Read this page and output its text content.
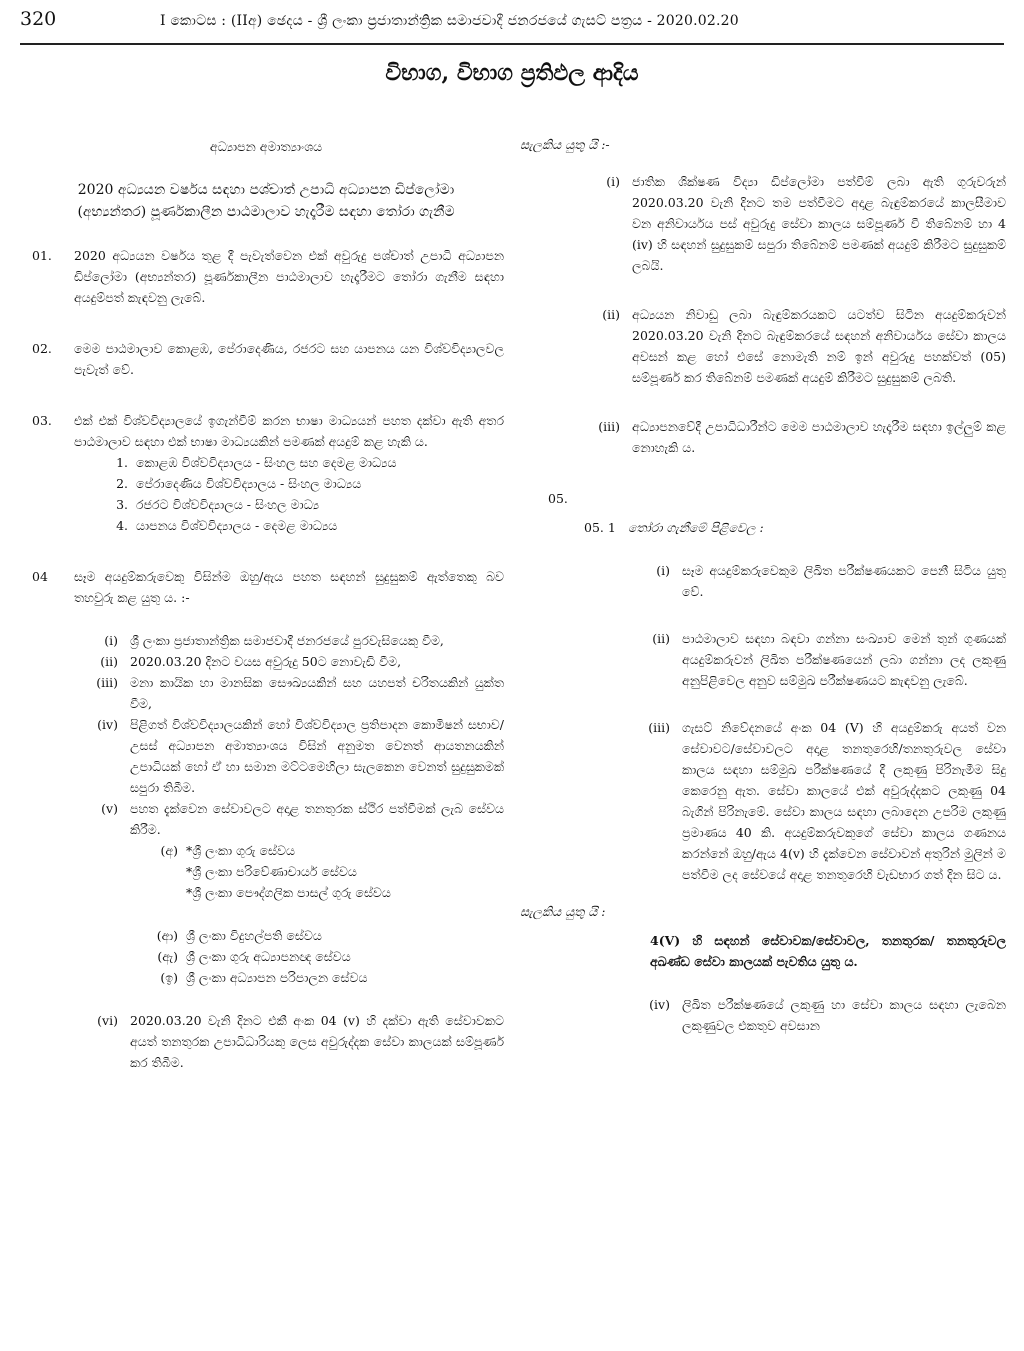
320	I කොටස : (IIඅ) ඡෙදය - ශ්‍රී ලංකා ප්‍රජාතාන්ත්‍රික සමාජවාදී ජනරජයේ ගැසට් පත්‍රය - 2020.02.20
විභාග, විභාග ප්‍රතිඵල ආදිය
අධ්‍යාපන අමාත්‍යාංශය
2020 අධ්‍යයන වර්ෂය සඳහා පශ්චාත් උපාධි අධ්‍යාපන ඩිප්ලෝමා (අභ්‍යන්තර) පූර්ණකාලීන පාඨමාලාව හැදෑරීම සඳහා තෝරා ගැනීම
01.	2020 අධ්‍යයන වර්ෂය තුළ දී පැවැත්වෙන එක් අවුරුදු පශ්චාත් උපාධි අධ්‍යාපන ඩිප්ලෝමා (අභ්‍යන්තර) පූර්ණකාලීන පාඨමාලාව හැදෑරීමට තෝරා ගැනීම සඳහා අයදුම්පත් කැඳවනු ලැබේ.
02.	මෙම පාඨමාලාව කොළඹ, පේරාදෙණිය, රජරට සහ යාපනය යන විශ්වවිද්‍යාලවල පැවැත් වේ.
03.	එක් එක් විශ්වවිද්‍යාලයේ ඉගැන්වීම් කරන භාෂා මාධ්‍යයන් පහත දක්වා ඇති අතර පාඨමාලාව සඳහා එක් භාෂා මාධ්‍යයකින් පමණක් අයදුම් කළ හැකි ය.
1. කොළඹ විශ්වවිද්‍යාලය - සිංහල සහ දෙමළ මාධ්‍යය
2. පේරාදෙණිය විශ්වවිද්‍යාලය - සිංහල මාධ්‍යය
3. රජරට විශ්වවිද්‍යාලය - සිංහල මාධ්‍ය
4. යාපනය විශ්වවිද්‍යාලය - දෙමළ මාධ්‍යය
04	සෑම අයදුම්කරුවෙකු විසින්ම ඔහු/ඇය පහත සඳහන් සුදුසුකම් ඇත්තෙකු බව තහවුරු කළ යුතු ය. :-
(i) ශ්‍රී ලංකා ප්‍රජාතාන්ත්‍රික සමාජවාදී ජනරජයේ පුරවැසියෙකු වීම,
(ii) 2020.03.20 දිනට වයස අවුරුදු 50ට නොවැඩි වීම,
(iii) මනා කායික හා මානසික සෞඛ්‍යයකින් සහ යහපත් චරිතයකින් යුක්ත වීම,
(iv) පිළිගත් විශ්වවිද්‍යාලයකින් හෝ විශ්වවිද්‍යාල ප්‍රතිපාදන කොමිෂන් සභාව/උසස් අධ්‍යාපන අමාත්‍යාංශය විසින් අනුමත වෙනත් ආයතනයකින් උපාධියක් හෝ ඒ හා සමාන මට්ටමෙහිලා සැලකෙන වෙනත් සුදුසුකමක් සපුරා තිබීම.
(v) පහත දැක්වෙන සේවාවලට අදාළ තනතුරක ස්ථිර පත්වීමක් ලැබ සේවය කිරීම.
(අ) *ශ්‍රී ලංකා ගුරු සේවය
*ශ්‍රී ලංකා පරිවේණාචාර්ය සේවය
*ශ්‍රී ලංකා පෞද්ගලික පාසල් ගුරු සේවය
(ආ) ශ්‍රී ලංකා විදුහල්පති සේවය
(ඇ) ශ්‍රී ලංකා ගුරු අධ්‍යාපනඥ සේවය
(ඉ) ශ්‍රී ලංකා අධ්‍යාපන පරිපාලන සේවය
(vi) 2020.03.20 වැනි දිනට එකී අංක 04 (v) හි දක්වා ඇති සේවාවකට අයත් තනතුරක උපාධිධාරියකු ලෙස අවුරුද්දක සේවා කාලයක් සම්පූර්ණ කර තිබීම.
සැලකිය යුතු යි :-
(i) ජාතික ශික්ෂණ විද්‍යා ඩිප්ලෝමා පත්වීම් ලබා ඇති ගුරුවරුන් 2020.03.20 වැනි දිනට තම පත්වීමට අදාළ බැඳුම්කරයේ කාලසීමාව වන අනිවාර්යය පස් අවුරුදු සේවා කාලය සම්පූර්ණ වී තිබේනම් හා 4 (iv) හි සඳහන් සුදුසුකම් සපුරා තිබේනම් පමණක් අයදුම් කිරීමට සුදුසුකම් ලබයි.
(ii) අධ්‍යයන නිවාඩු ලබා බැඳුම්කරයකට යටත්ව සිටින අයදුම්කරුවන් 2020.03.20 වැනි දිනට බැඳුම්කරයේ සඳහන් අනිවාර්යය සේවා කාලය අවසන් කළ හෝ එසේ නොමැති නම් ඉන් අවුරුදු පහක්වත් (05) සම්පූර්ණ කර තිබේනම් පමණක් අයදුම් කිරීමට සුදුසුකම් ලබති.
(iii) අධ්‍යාපනවේදී උපාධිධාරීන්ට මෙම පාඨමාලාව හැදෑරීම සඳහා ඉල්ලුම් කළ නොහැකි ය.
05.
05. 1 තෝරා ගැනීමේ පිළිවෙල :
(i) සෑම අයදුම්කරුවෙකුම ලිඛිත පරීක්ෂණයකට පෙනී සිටිය යුතු වේ.
(ii) පාඨමාලාව සඳහා බඳවා ගන්නා සංඛ්‍යාව මෙන් තුන් ගුණයක් අයදුම්කරුවන් ලිඛිත පරීක්ෂණයෙන් ලබා ගන්නා ලද ලකුණු අනුපිළිවෙල අනුව සම්මුඛ පරීක්ෂණයට කැඳවනු ලැබේ.
(iii) ගැසට් නිවේදනයේ අංක 04 (V) හි අයදුම්කරු අයත් වන සේවාවට/සේවාවලට අදාළ තනතුරෙහි/තනතුරුවල සේවා කාලය සඳහා සම්මුඛ පරීක්ෂණයේ දී ලකුණු පිරිනැමීම සිදු කෙරෙනු ඇත. සේවා කාලයේ එක් අවුරුද්දකට ලකුණු 04 බැගින් පිරිනැමේ. සේවා කාලය සඳහා ලබාදෙන උපරිම ලකුණු ප්‍රමාණය 40 කි. අයදුම්කරුවකුගේ සේවා කාලය ගණනය කරන්නේ ඔහු/ඇය 4(v) හි දැක්වෙන සේවාවන් අතුරින් මුලින් ම පත්වීම ලද සේවයේ අදාළ තනතුරෙහි වැඩභාර ගත් දින සිට ය.
සැලකිය යුතු යි :
4(V) හි සඳහන් සේවාවක/සේවාවල, තනතුරක/ තනතුරුවල අඛණ්ඩ සේවා කාලයක් පැවතිය යුතු ය.
(iv) ලිඛිත පරීක්ෂණයේ ලකුණු හා සේවා කාලය සඳහා ලැබෙන ලකුණුවල එකතුව අවසාන
